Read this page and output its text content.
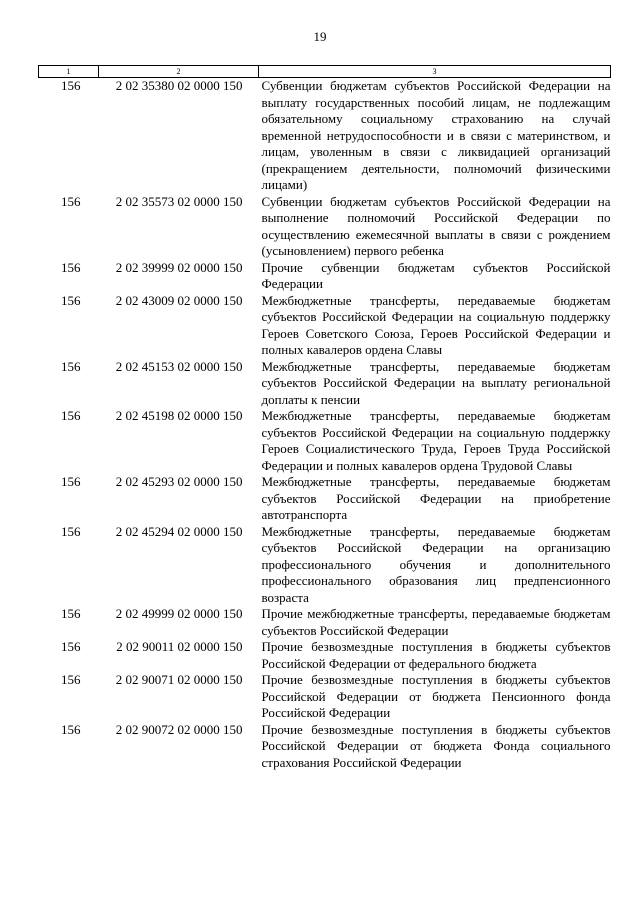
19
1	2	3
156	2 02 35380 02 0000 150	Субвенции бюджетам субъектов Российской Федерации на выплату государственных пособий лицам, не подлежащим обязательному социальному страхованию на случай временной нетрудоспособности и в связи с материнством, и лицам, уволенным в связи с ликвидацией организаций (прекращением деятельности, полномочий физическими лицами)
156	2 02 35573 02 0000 150	Субвенции бюджетам субъектов Российской Федерации на выполнение полномочий Российской Федерации по осуществлению ежемесячной выплаты в связи с рождением (усыновлением) первого ребенка
156	2 02 39999 02 0000 150	Прочие субвенции бюджетам субъектов Российской Федерации
156	2 02 43009 02 0000 150	Межбюджетные трансферты, передаваемые бюджетам субъектов Российской Федерации на социальную поддержку Героев Советского Союза, Героев Российской Федерации и полных кавалеров ордена Славы
156	2 02 45153 02 0000 150	Межбюджетные трансферты, передаваемые бюджетам субъектов Российской Федерации на выплату региональной доплаты к пенсии
156	2 02 45198 02 0000 150	Межбюджетные трансферты, передаваемые бюджетам субъектов Российской Федерации на социальную поддержку Героев Социалистического Труда, Героев Труда Российской Федерации и полных кавалеров ордена Трудовой Славы
156	2 02 45293 02 0000 150	Межбюджетные трансферты, передаваемые бюджетам субъектов Российской Федерации на приобретение автотранспорта
156	2 02 45294 02 0000 150	Межбюджетные трансферты, передаваемые бюджетам субъектов Российской Федерации на организацию профессионального обучения и дополнительного профессионального образования лиц предпенсионного возраста
156	2 02 49999 02 0000 150	Прочие межбюджетные трансферты, передаваемые бюджетам субъектов Российской Федерации
156	2 02 90011 02 0000 150	Прочие безвозмездные поступления в бюджеты субъектов Российской Федерации от федерального бюджета
156	2 02 90071 02 0000 150	Прочие безвозмездные поступления в бюджеты субъектов Российской Федерации от бюджета Пенсионного фонда Российской Федерации
156	2 02 90072 02 0000 150	Прочие безвозмездные поступления в бюджеты субъектов Российской Федерации от бюджета Фонда социального страхования Российской Федерации
